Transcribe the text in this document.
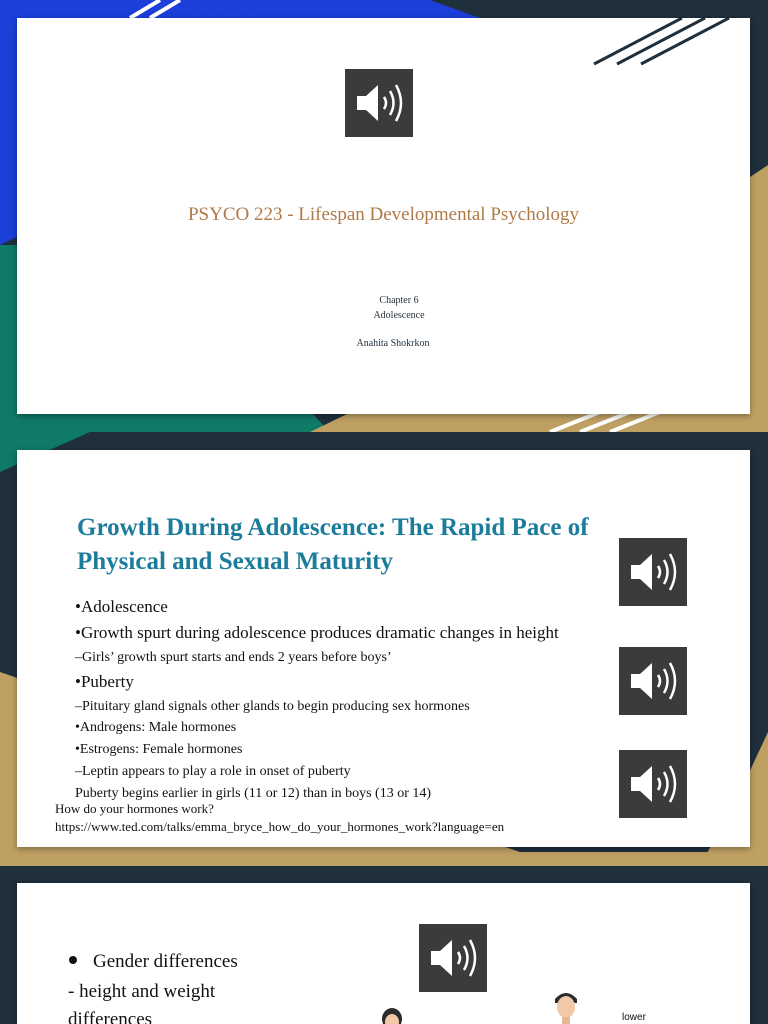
PSYCO 223 - Lifespan Developmental Psychology

Chapter 6

Adolescence

Anahita Shokrkon

Growth During Adolescence: The Rapid Pace of

Physical and Sexual Maturity

•Adolescence

•Growth spurt during adolescence produces dramatic changes in height

–Girls’ growth spurt starts and ends 2 years before boys’

•Puberty

–Pituitary gland signals other glands to begin producing sex hormones

•Androgens: Male hormones

•Estrogens: Female hormones

–Leptin appears to play a role in onset of puberty

Puberty begins earlier in girls (11 or 12) than in boys (13 or 14)

How do your hormones work?

https://www.ted.com/talks/emma_bryce_how_do_your_hormones_work?language=en

Gender differences

- height and weight

differences	lower
